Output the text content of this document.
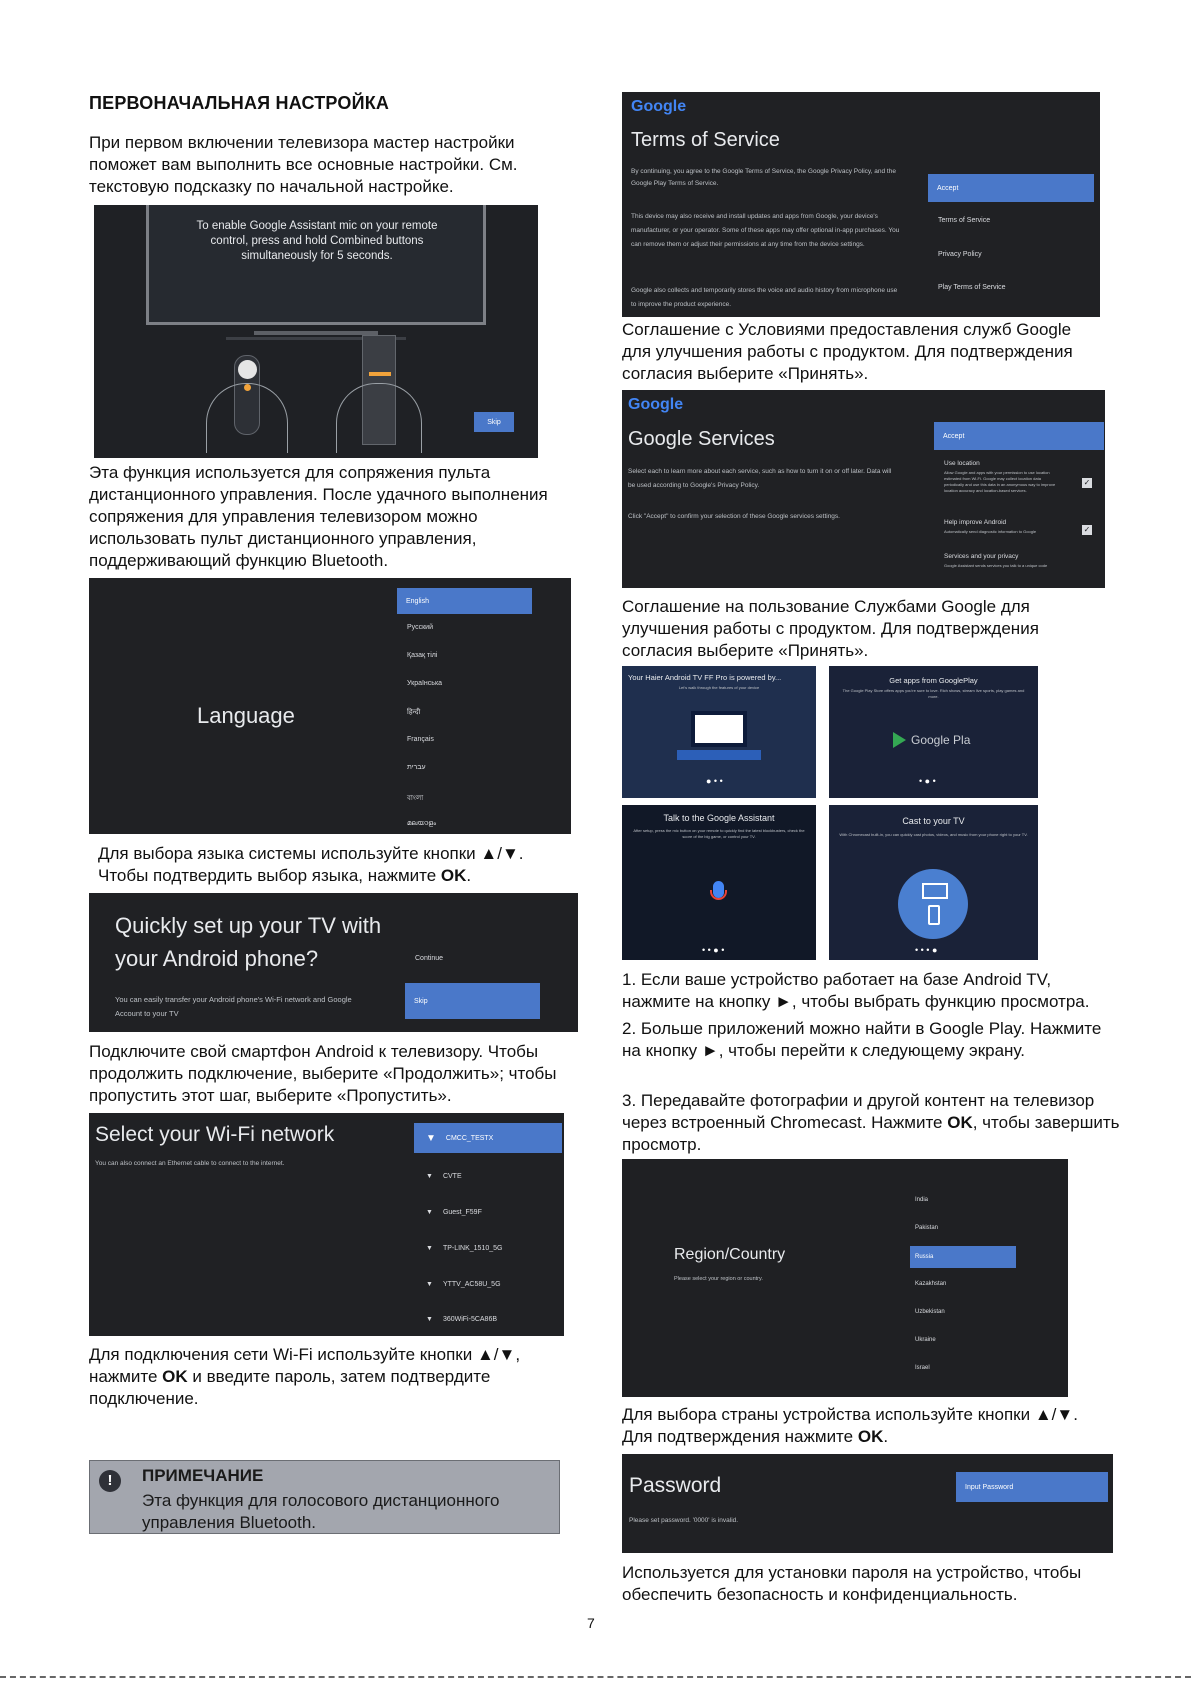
ПЕРВОНАЧАЛЬНАЯ НАСТРОЙКА
При первом включении телевизора мастер настройки поможет вам выполнить все основные настройки. См. текстовую подсказку по начальной настройке.
To enable Google Assistant mic on your remote control, press and hold Combined buttons simultaneously for 5 seconds.
Skip
Эта функция используется для сопряжения пульта дистанционного управления. После удачного выполнения сопряжения для управления телевизором можно использовать пульт дистанционного управления, поддерживающий функцию Bluetooth.
Language
English
Русский
Қазақ тілі
Українська
हिन्दी
Français
עברית
বাংলা
മലയാളം
Для выбора языка системы используйте кнопки ▲/▼.
Чтобы подтвердить выбор языка, нажмите OK.
Quickly set up your TV with
your Android phone?
You can easily transfer your Android phone's Wi-Fi network and Google Account to your TV
Continue
Skip
Подключите свой смартфон Android к телевизору. Чтобы продолжить подключение, выберите «Продолжить»; чтобы пропустить этот шаг, выберите «Пропустить».
Select your Wi-Fi network
You can also connect an Ethernet cable to connect to the internet.
▼ CMCC_TESTX
▼ CVTE
▼ Guest_F59F
▼ TP-LINK_1510_5G
▼ YTTV_AC58U_5G
▼ 360WiFi-5CA86B
Для подключения сети Wi-Fi используйте кнопки ▲/▼, нажмите OK и введите пароль, затем подтвердите подключение.
!	ПРИМЕЧАНИЕ
Эта функция для голосового дистанционного управления Bluetooth.
Google
Terms of Service
By continuing, you agree to the Google Terms of Service, the Google Privacy Policy, and the Google Play Terms of Service.
This device may also receive and install updates and apps from Google, your device's manufacturer, or your operator. Some of these apps may offer optional in-app purchases. You can remove them or adjust their permissions at any time from the device settings.
Google also collects and temporarily stores the voice and audio history from microphone use to improve the product experience.
Accept
Terms of Service
Privacy Policy
Play Terms of Service
Соглашение с Условиями предоставления служб Google для улучшения работы с продуктом. Для подтверждения согласия выберите «Принять».
Google
Google Services
Select each to learn more about each service, such as how to turn it on or off later. Data will be used according to Google's Privacy Policy.
Click "Accept" to confirm your selection of these Google services settings.
Accept
Use location
Allow Google and apps with your permission to use location estimated from Wi-Fi. Google may collect location data periodically and use this data in an anonymous way to improve location accuracy and location-based services.
✓
Help improve Android
Automatically send diagnostic information to Google	✓
Services and your privacy
Google Assistant sends services you talk to a unique code
Соглашение на пользование Службами Google для улучшения работы с продуктом. Для подтверждения согласия выберите «Принять».
Your Haier Android TV FF Pro is powered by...
Let's walk through the features of your device
● • •
Get apps from GooglePlay
The Google Play Store offers apps you're sure to love. Rich shows, stream live sports, play games and more.
Google Pla
• ● •
Talk to the Google Assistant
After setup, press the mic button on your remote to quickly find the latest blockbusters, check the score of the big game, or control your TV.
• • ● •
Cast to your TV
With Chromecast built-in, you can quickly cast photos, videos, and music from your phone right to your TV.
• • • ●
1. Если ваше устройство работает на базе Android TV, нажмите на кнопку ►, чтобы выбрать функцию просмотра.
2. Больше приложений можно найти в Google Play. Нажмите на кнопку ►, чтобы перейти к следующему экрану.
3. Передавайте фотографии и другой контент на телевизор через встроенный Chromecast. Нажмите OK, чтобы завершить просмотр.
Region/Country
Please select your region or country.
India
Pakistan
Russia
Kazakhstan
Uzbekistan
Ukraine
Israel
Для выбора страны устройства используйте кнопки ▲/▼.
Для подтверждения нажмите OK.
Password
Please set password. '0000' is invalid.
Input Password
Используется для установки пароля на устройство, чтобы обеспечить безопасность и конфиденциальность.
7
